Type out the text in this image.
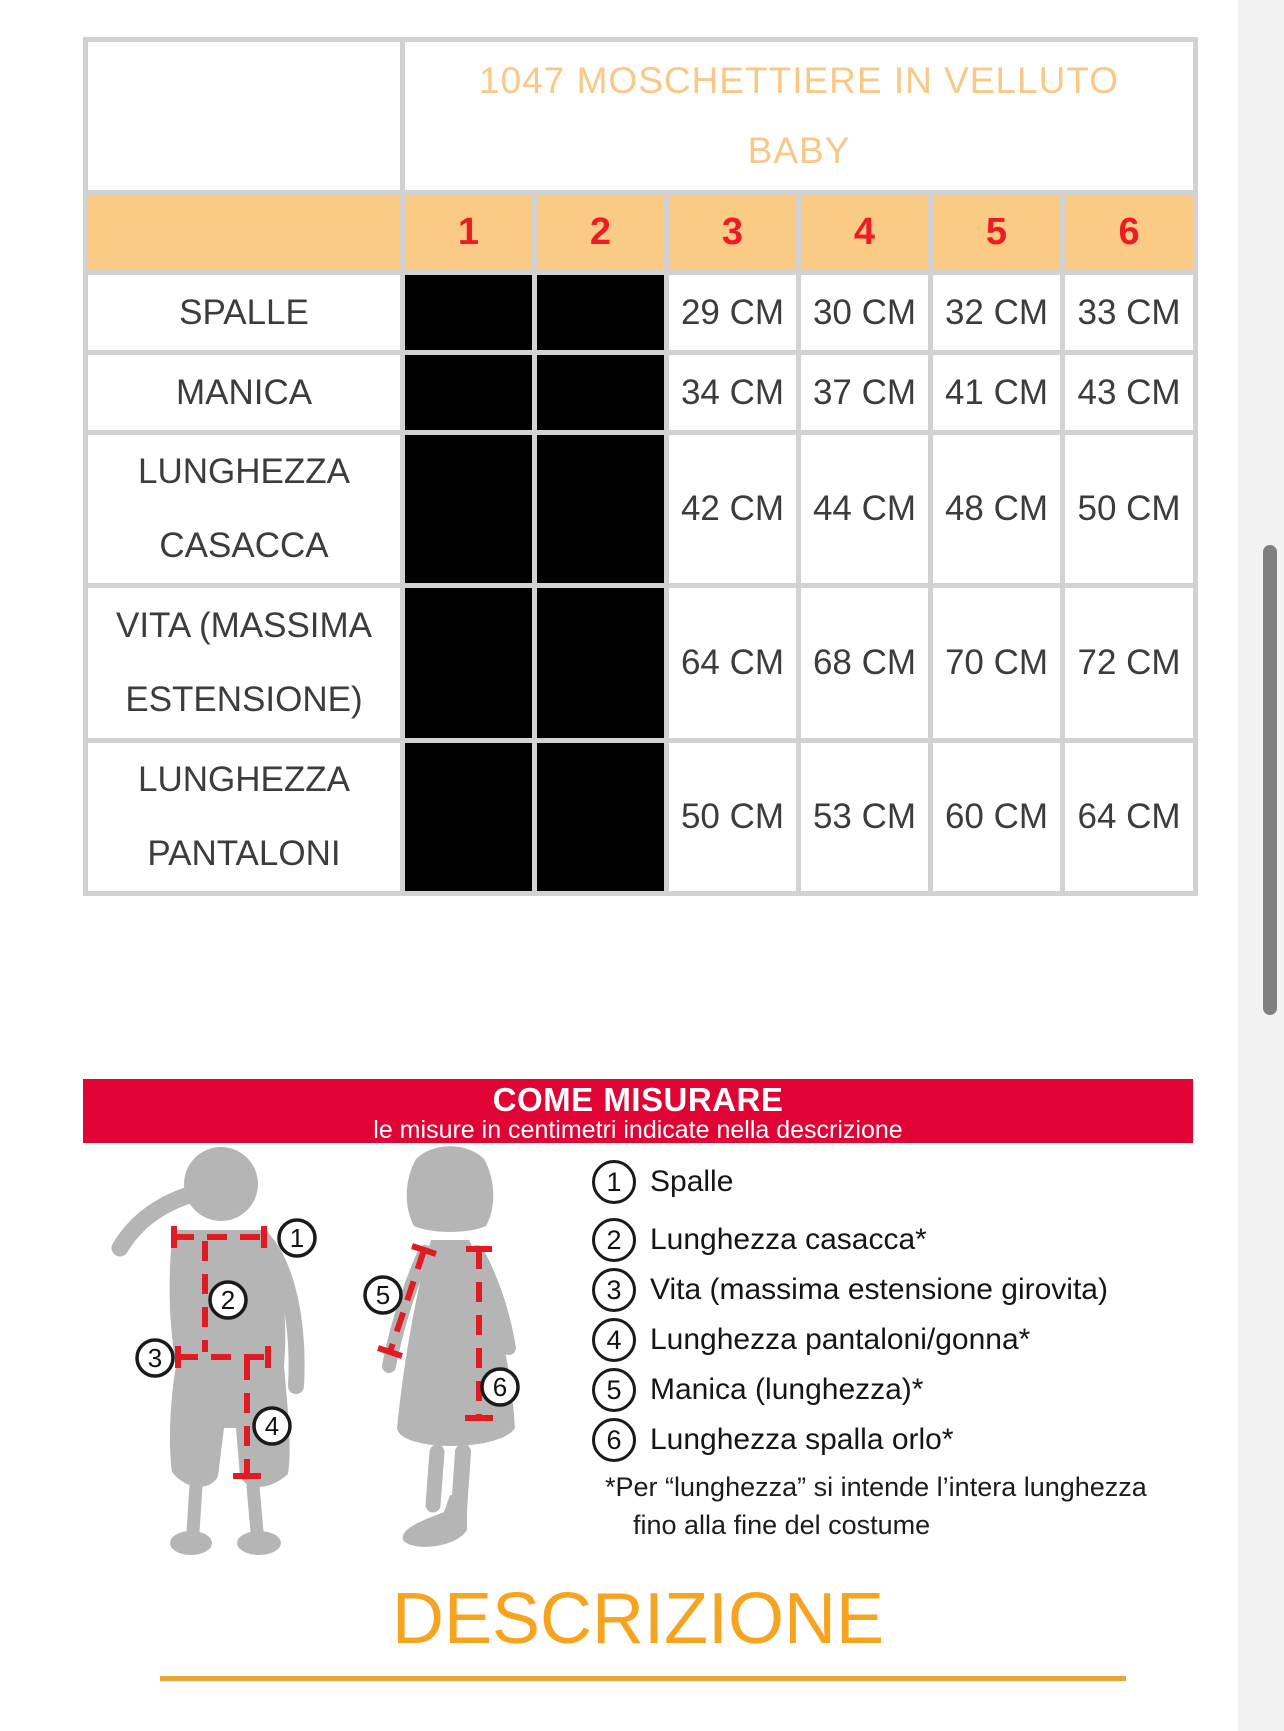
	1047 MOSCHETTIERE IN VELLUTO
BABY					

	1	2	3	4	5	6

SPALLE			29 CM	30 CM	32 CM	33 CM

MANICA			34 CM	37 CM	41 CM	43 CM

LUNGHEZZA
CASACCA			42 CM	44 CM	48 CM	50 CM

VITA (MASSIMA
ESTENSIONE)			64 CM	68 CM	70 CM	72 CM

LUNGHEZZA
PANTALONI			50 CM	53 CM	60 CM	64 CM
COME MISURARE
le misure in centimetri indicate nella descrizione
1
2
3
4
5
6
1 Spalle
2 Lunghezza casacca*
3 Vita (massima estensione girovita)
4 Lunghezza pantaloni/gonna*
5 Manica (lunghezza)*
6 Lunghezza spalla orlo*

*Per “lunghezza” si intende l’intera lunghezza

fino alla fine del costume

DESCRIZIONE
